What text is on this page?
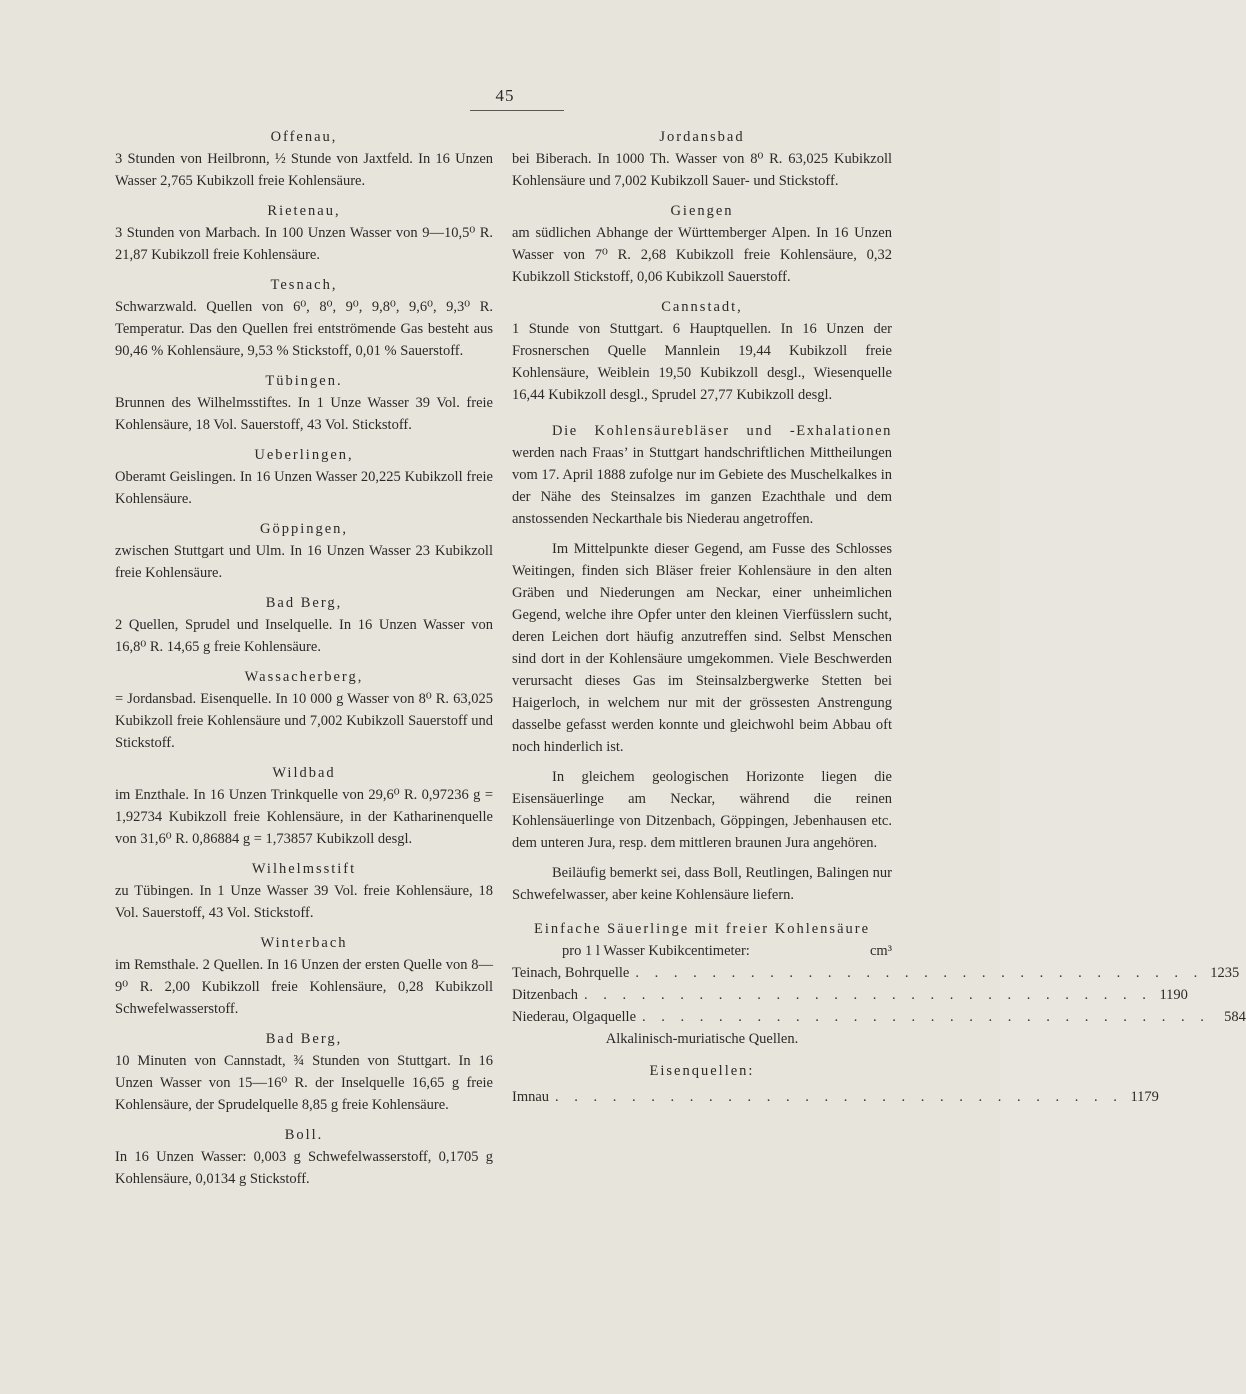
45

Offenau,

3 Stunden von Heilbronn, ½ Stunde von Jaxtfeld. In 16 Unzen Wasser 2,765 Kubikzoll freie Kohlensäure.

Rietenau,

3 Stunden von Marbach. In 100 Unzen Wasser von 9—10,5⁰ R. 21,87 Kubikzoll freie Kohlensäure.

Tesnach,

Schwarzwald. Quellen von 6⁰, 8⁰, 9⁰, 9,8⁰, 9,6⁰, 9,3⁰ R. Temperatur. Das den Quellen frei entströmende Gas besteht aus 90,46 % Kohlensäure, 9,53 % Stickstoff, 0,01 % Sauerstoff.

Tübingen.

Brunnen des Wilhelmsstiftes. In 1 Unze Wasser 39 Vol. freie Kohlensäure, 18 Vol. Sauerstoff, 43 Vol. Stickstoff.

Ueberlingen,

Oberamt Geislingen. In 16 Unzen Wasser 20,225 Kubikzoll freie Kohlensäure.

Göppingen,

zwischen Stuttgart und Ulm. In 16 Unzen Wasser 23 Kubikzoll freie Kohlensäure.

Bad Berg,

2 Quellen, Sprudel und Inselquelle. In 16 Unzen Wasser von 16,8⁰ R. 14,65 g freie Kohlensäure.

Wassacherberg,

= Jordansbad. Eisenquelle. In 10 000 g Wasser von 8⁰ R. 63,025 Kubikzoll freie Kohlensäure und 7,002 Kubikzoll Sauerstoff und Stickstoff.

Wildbad

im Enzthale. In 16 Unzen Trinkquelle von 29,6⁰ R. 0,97236 g = 1,92734 Kubikzoll freie Kohlensäure, in der Katharinenquelle von 31,6⁰ R. 0,86884 g = 1,73857 Kubikzoll desgl.

Wilhelmsstift

zu Tübingen. In 1 Unze Wasser 39 Vol. freie Kohlensäure, 18 Vol. Sauerstoff, 43 Vol. Stickstoff.

Winterbach

im Remsthale. 2 Quellen. In 16 Unzen der ersten Quelle von 8—9⁰ R. 2,00 Kubikzoll freie Kohlensäure, 0,28 Kubikzoll Schwefelwasserstoff.

Bad Berg,

10 Minuten von Cannstadt, ¾ Stunden von Stuttgart. In 16 Unzen Wasser von 15—16⁰ R. der Inselquelle 16,65 g freie Kohlensäure, der Sprudelquelle 8,85 g freie Kohlensäure.

Boll.

In 16 Unzen Wasser: 0,003 g Schwefelwasserstoff, 0,1705 g Kohlensäure, 0,0134 g Stickstoff.

Jordansbad

bei Biberach. In 1000 Th. Wasser von 8⁰ R. 63,025 Kubikzoll Kohlensäure und 7,002 Kubikzoll Sauer- und Stickstoff.

Giengen

am südlichen Abhange der Württemberger Alpen. In 16 Unzen Wasser von 7⁰ R. 2,68 Kubikzoll freie Kohlensäure, 0,32 Kubikzoll Stickstoff, 0,06 Kubikzoll Sauerstoff.

Cannstadt,

1 Stunde von Stuttgart. 6 Hauptquellen. In 16 Unzen der Frosnerschen Quelle Mannlein 19,44 Kubikzoll freie Kohlensäure, Weiblein 19,50 Kubikzoll desgl., Wiesenquelle 16,44 Kubikzoll desgl., Sprudel 27,77 Kubikzoll desgl.

Die Kohlensäurebläser und -Exhalationen werden nach Fraas’ in Stuttgart handschriftlichen Mittheilungen vom 17. April 1888 zufolge nur im Gebiete des Muschelkalkes in der Nähe des Steinsalzes im ganzen Ezachthale und dem anstossenden Neckarthale bis Niederau angetroffen.

Im Mittelpunkte dieser Gegend, am Fusse des Schlosses Weitingen, finden sich Bläser freier Kohlensäure in den alten Gräben und Niederungen am Neckar, einer unheimlichen Gegend, welche ihre Opfer unter den kleinen Vierfüsslern sucht, deren Leichen dort häufig anzutreffen sind. Selbst Menschen sind dort in der Kohlensäure umgekommen. Viele Beschwerden verursacht dieses Gas im Steinsalzbergwerke Stetten bei Haigerloch, in welchem nur mit der grössesten Anstrengung dasselbe gefasst werden konnte und gleichwohl beim Abbau oft noch hinderlich ist.

In gleichem geologischen Horizonte liegen die Eisensäuerlinge am Neckar, während die reinen Kohlensäuerlinge von Ditzenbach, Göppingen, Jebenhausen etc. dem unteren Jura, resp. dem mittleren braunen Jura angehören.

Beiläufig bemerkt sei, dass Boll, Reutlingen, Balingen nur Schwefelwasser, aber keine Kohlensäure liefern.

Einfache Säuerlinge mit freier Kohlensäure

pro 1 l Wasser Kubikcentimeter:	cm³

Teinach, Bohrquelle . . . . . . . . . . . . . . . . . . . . . . . . . . . . . . 1235
Ditzenbach . . . . . . . . . . . . . . . . . . . . . . . . . . . . . . 1190
Niederau, Olgaquelle . . . . . . . . . . . . . . . . . . . . . . . . . . . . . . 584

Alkalinisch-muriatische Quellen.

Eisenquellen:

Imnau . . . . . . . . . . . . . . . . . . . . . . . . . . . . . . 1179
